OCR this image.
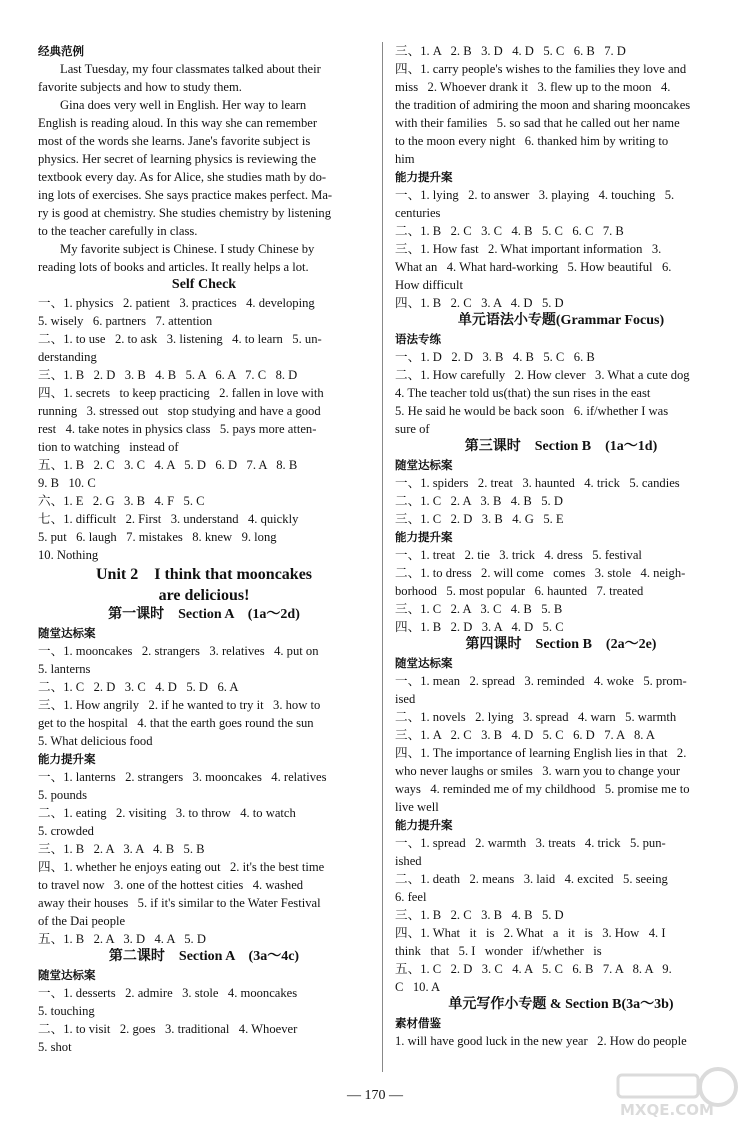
经典范例
Last Tuesday, my four classmates talked about their
favorite subjects and how to study them.
Gina does very well in English. Her way to learn
English is reading aloud. In this way she can remember
most of the words she learns. Jane's favorite subject is
physics. Her secret of learning physics is reviewing the
textbook every day. As for Alice, she studies math by do-
ing lots of exercises. She says practice makes perfect. Ma-
ry is good at chemistry. She studies chemistry by listening
to the teacher carefully in class.
My favorite subject is Chinese. I study Chinese by
reading lots of books and articles. It really helps a lot.
Self Check
一、1. physics   2. patient   3. practices   4. developing
5. wisely   6. partners   7. attention
二、1. to use   2. to ask   3. listening   4. to learn   5. un-
derstanding
三、1. B   2. D   3. B   4. B   5. A   6. A   7. C   8. D
四、1. secrets   to keep practicing   2. fallen in love with
running   3. stressed out   stop studying and have a good
rest   4. take notes in physics class   5. pays more atten-
tion to watching   instead of
五、1. B   2. C   3. C   4. A   5. D   6. D   7. A   8. B
9. B   10. C
六、1. E   2. G   3. B   4. F   5. C
七、1. difficult   2. First   3. understand   4. quickly
5. put   6. laugh   7. mistakes   8. knew   9. long
10. Nothing
Unit 2    I think that mooncakes
are delicious!
第一课时    Section A    (1a～2d)
随堂达标案
一、1. mooncakes   2. strangers   3. relatives   4. put on
5. lanterns
二、1. C   2. D   3. C   4. D   5. D   6. A
三、1. How angrily   2. if he wanted to try it   3. how to
get to the hospital   4. that the earth goes round the sun
5. What delicious food
能力提升案
一、1. lanterns   2. strangers   3. mooncakes   4. relatives
5. pounds
二、1. eating   2. visiting   3. to throw   4. to watch
5. crowded
三、1. B   2. A   3. A   4. B   5. B
四、1. whether he enjoys eating out   2. it's the best time
to travel now   3. one of the hottest cities   4. washed
away their houses   5. if it's similar to the Water Festival
of the Dai people
五、1. B   2. A   3. D   4. A   5. D
第二课时    Section A    (3a～4c)
随堂达标案
一、1. desserts   2. admire   3. stole   4. mooncakes
5. touching
二、1. to visit   2. goes   3. traditional   4. Whoever
5. shot
三、1. A   2. B   3. D   4. D   5. C   6. B   7. D
四、1. carry people's wishes to the families they love and
miss   2. Whoever drank it   3. flew up to the moon   4.
the tradition of admiring the moon and sharing mooncakes
with their families   5. so sad that he called out her name
to the moon every night   6. thanked him by writing to
him
能力提升案
一、1. lying   2. to answer   3. playing   4. touching   5.
centuries
二、1. B   2. C   3. C   4. B   5. C   6. C   7. B
三、1. How fast   2. What important information   3.
What an   4. What hard-working   5. How beautiful   6.
How difficult
四、1. B   2. C   3. A   4. D   5. D
单元语法小专题(Grammar Focus)
语法专练
一、1. D   2. D   3. B   4. B   5. C   6. B
二、1. How carefully   2. How clever   3. What a cute dog
4. The teacher told us(that) the sun rises in the east
5. He said he would be back soon   6. if/whether I was
sure of
第三课时    Section B    (1a～1d)
随堂达标案
一、1. spiders   2. treat   3. haunted   4. trick   5. candies
二、1. C   2. A   3. B   4. B   5. D
三、1. C   2. D   3. B   4. G   5. E
能力提升案
一、1. treat   2. tie   3. trick   4. dress   5. festival
二、1. to dress   2. will come   comes   3. stole   4. neigh-
borhood   5. most popular   6. haunted   7. treated
三、1. C   2. A   3. C   4. B   5. B
四、1. B   2. D   3. A   4. D   5. C
第四课时    Section B    (2a～2e)
随堂达标案
一、1. mean   2. spread   3. reminded   4. woke   5. prom-
ised
二、1. novels   2. lying   3. spread   4. warn   5. warmth
三、1. A   2. C   3. B   4. D   5. C   6. D   7. A   8. A
四、1. The importance of learning English lies in that   2.
who never laughs or smiles   3. warn you to change your
ways   4. reminded me of my childhood   5. promise me to
live well
能力提升案
一、1. spread   2. warmth   3. treats   4. trick   5. pun-
ished
二、1. death   2. means   3. laid   4. excited   5. seeing
6. feel
三、1. B   2. C   3. B   4. B   5. D
四、1. What   it   is   2. What   a   it   is   3. How   4. I
think   that   5. I   wonder   if/whether   is
五、1. C   2. D   3. C   4. A   5. C   6. B   7. A   8. A   9.
C   10. A
单元写作小专题 & Section B(3a～3b)
素材借鉴
1. will have good luck in the new year   2. How do people
— 170 —
MXQE.COM
